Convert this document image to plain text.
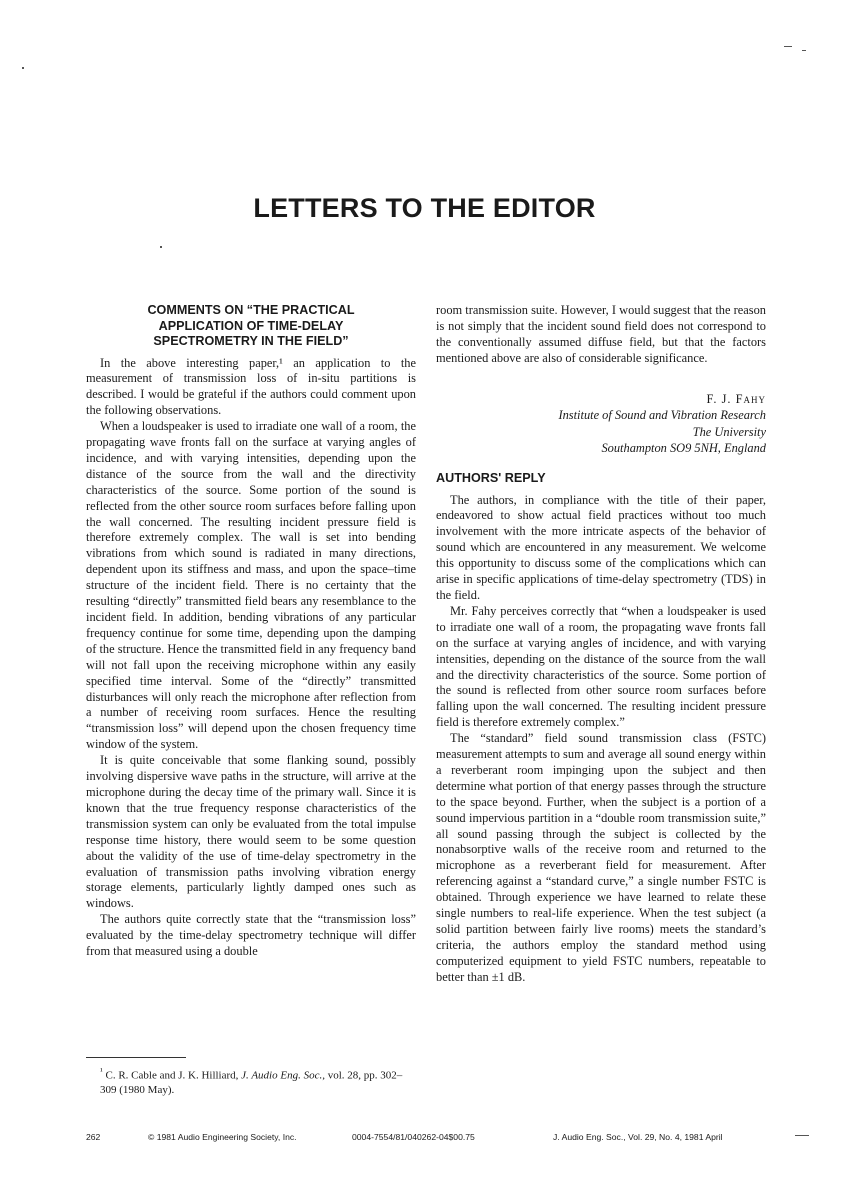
LETTERS TO THE EDITOR
COMMENTS ON “THE PRACTICAL
APPLICATION OF TIME-DELAY
SPECTROMETRY IN THE FIELD”

In the above interesting paper,¹ an application to the measurement of transmission loss of in-situ partitions is described. I would be grateful if the authors could comment upon the following observations.

When a loudspeaker is used to irradiate one wall of a room, the propagating wave fronts fall on the surface at varying angles of incidence, and with varying intensities, depending upon the distance of the source from the wall and the directivity characteristics of the source. Some portion of the sound is reflected from the other source room surfaces before falling upon the wall concerned. The resulting incident pressure field is therefore extremely complex. The wall is set into bending vibrations from which sound is radiated in many directions, dependent upon its stiffness and mass, and upon the space–time structure of the incident field. There is no certainty that the resulting “directly” transmitted field bears any resemblance to the incident field. In addition, bending vibrations of any particular frequency continue for some time, depending upon the damping of the structure. Hence the transmitted field in any frequency band will not fall upon the receiving microphone within any easily specified time interval. Some of the “directly” transmitted disturbances will only reach the microphone after reflection from a number of receiving room surfaces. Hence the resulting “transmission loss” will depend upon the chosen frequency time window of the system.

It is quite conceivable that some flanking sound, possibly involving dispersive wave paths in the structure, will arrive at the microphone during the decay time of the primary wall. Since it is known that the true frequency response characteristics of the transmission system can only be evaluated from the total impulse response time history, there would seem to be some question about the validity of the use of time-delay spectrometry in the evaluation of transmission paths involving vibration energy storage elements, particularly lightly damped ones such as windows.

The authors quite correctly state that the “transmission loss” evaluated by the time-delay spectrometry technique will differ from that measured using a double

room transmission suite. However, I would suggest that the reason is not simply that the incident sound field does not correspond to the conventionally assumed diffuse field, but that the factors mentioned above are also of considerable significance.

F. J. Fahy
Institute of Sound and Vibration Research
The University
Southampton SO9 5NH, England
AUTHORS' REPLY

The authors, in compliance with the title of their paper, endeavored to show actual field practices without too much involvement with the more intricate aspects of the behavior of sound which are encountered in any measurement. We welcome this opportunity to discuss some of the complications which can arise in specific applications of time-delay spectrometry (TDS) in the field.

Mr. Fahy perceives correctly that “when a loudspeaker is used to irradiate one wall of a room, the propagating wave fronts fall on the surface at varying angles of incidence, and with varying intensities, depending on the distance of the source from the wall and the directivity characteristics of the source. Some portion of the sound is reflected from other source room surfaces before falling upon the wall concerned. The resulting incident pressure field is therefore extremely complex.”

The “standard” field sound transmission class (FSTC) measurement attempts to sum and average all sound energy within a reverberant room impinging upon the subject and then determine what portion of that energy passes through the structure to the space beyond. Further, when the subject is a portion of a sound impervious partition in a “double room transmission suite,” all sound passing through the subject is collected by the nonabsorptive walls of the receive room and returned to the microphone as a reverberant field for measurement. After referencing against a “standard curve,” a single number FSTC is obtained. Through experience we have learned to relate these single numbers to real-life experience. When the test subject (a solid partition between fairly live rooms) meets the standard’s criteria, the authors employ the standard method using computerized equipment to yield FSTC numbers, repeatable to better than ±1 dB.

$^{^1}$ C. R. Cable and J. K. Hilliard, J. Audio Eng. Soc., vol. 28, pp. 302–309 (1980 May).
262	© 1981 Audio Engineering Society, Inc.	0004-7554/81/040262-04$00.75	J. Audio Eng. Soc., Vol. 29, No. 4, 1981 April
